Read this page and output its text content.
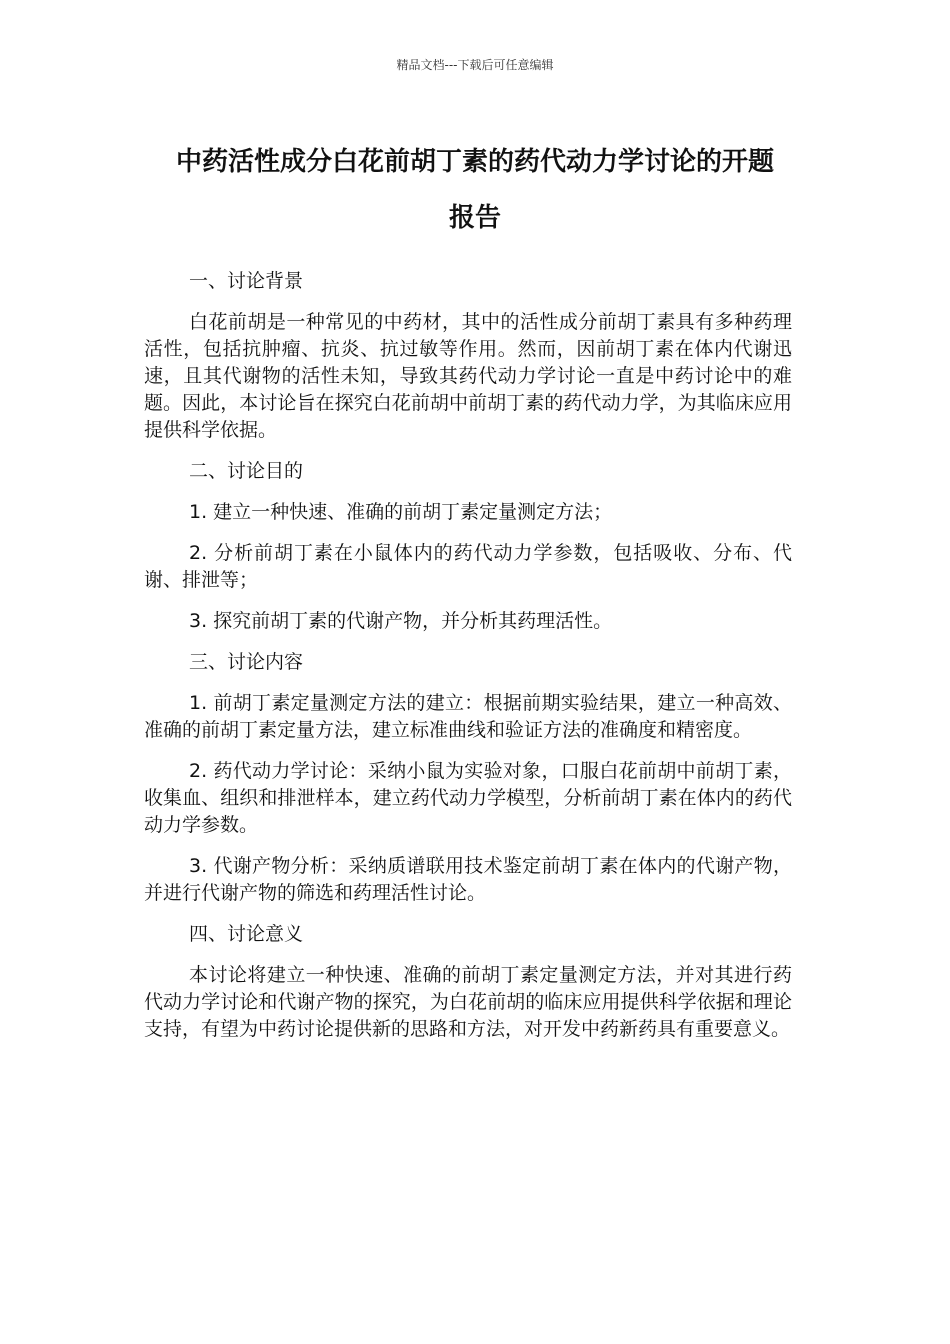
精品文档---下载后可任意编辑
中药活性成分白花前胡丁素的药代动力学讨论的开题
报告

一、讨论背景

白花前胡是一种常见的中药材，其中的活性成分前胡丁素具有多种药理活性，包括抗肿瘤、抗炎、抗过敏等作用。然而，因前胡丁素在体内代谢迅速，且其代谢物的活性未知，导致其药代动力学讨论一直是中药讨论中的难题。因此，本讨论旨在探究白花前胡中前胡丁素的药代动力学，为其临床应用提供科学依据。

二、讨论目的

1. 建立一种快速、准确的前胡丁素定量测定方法；

2. 分析前胡丁素在小鼠体内的药代动力学参数，包括吸收、分布、代谢、排泄等；

3. 探究前胡丁素的代谢产物，并分析其药理活性。

三、讨论内容

1. 前胡丁素定量测定方法的建立：根据前期实验结果，建立一种高效、准确的前胡丁素定量方法，建立标准曲线和验证方法的准确度和精密度。

2. 药代动力学讨论：采纳小鼠为实验对象，口服白花前胡中前胡丁素，收集血、组织和排泄样本，建立药代动力学模型，分析前胡丁素在体内的药代动力学参数。

3. 代谢产物分析：采纳质谱联用技术鉴定前胡丁素在体内的代谢产物，并进行代谢产物的筛选和药理活性讨论。

四、讨论意义

本讨论将建立一种快速、准确的前胡丁素定量测定方法，并对其进行药代动力学讨论和代谢产物的探究，为白花前胡的临床应用提供科学依据和理论支持，有望为中药讨论提供新的思路和方法，对开发中药新药具有重要意义。
